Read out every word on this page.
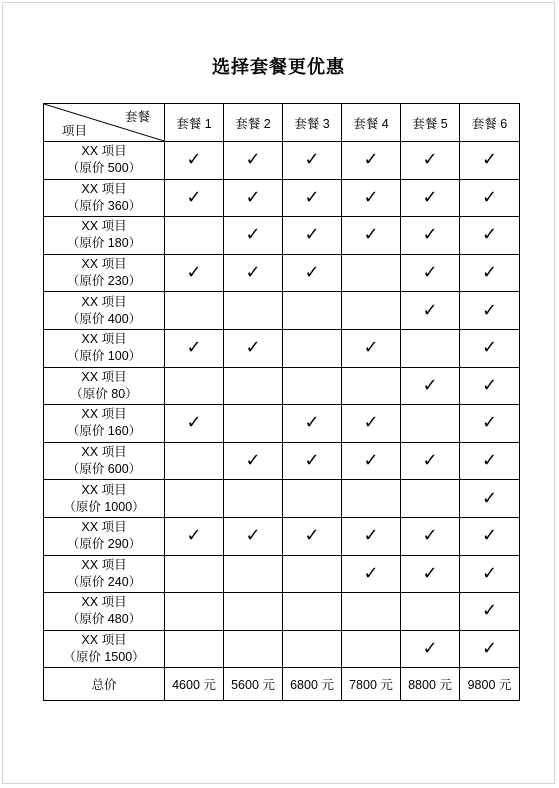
选择套餐更优惠
套餐
项目	套餐 1	套餐 2	套餐 3	套餐 4	套餐 5	套餐 6

XX 项目
（原价 500）	✓	✓	✓	✓	✓	✓

XX 项目
（原价 360）	✓	✓	✓	✓	✓	✓

XX 项目
（原价 180）		✓	✓	✓	✓	✓

XX 项目
（原价 230）	✓	✓	✓		✓	✓

XX 项目
（原价 400）					✓	✓

XX 项目
（原价 100）	✓	✓		✓		✓

XX 项目
（原价 80）					✓	✓

XX 项目
（原价 160）	✓		✓	✓		✓

XX 项目
（原价 600）		✓	✓	✓	✓	✓

XX 项目
（原价 1000）						✓

XX 项目
（原价 290）	✓	✓	✓	✓	✓	✓

XX 项目
（原价 240）				✓	✓	✓

XX 项目
（原价 480）						✓

XX 项目
（原价 1500）					✓	✓
总价	4600 元	5600 元	6800 元	7800 元	8800 元	9800 元
